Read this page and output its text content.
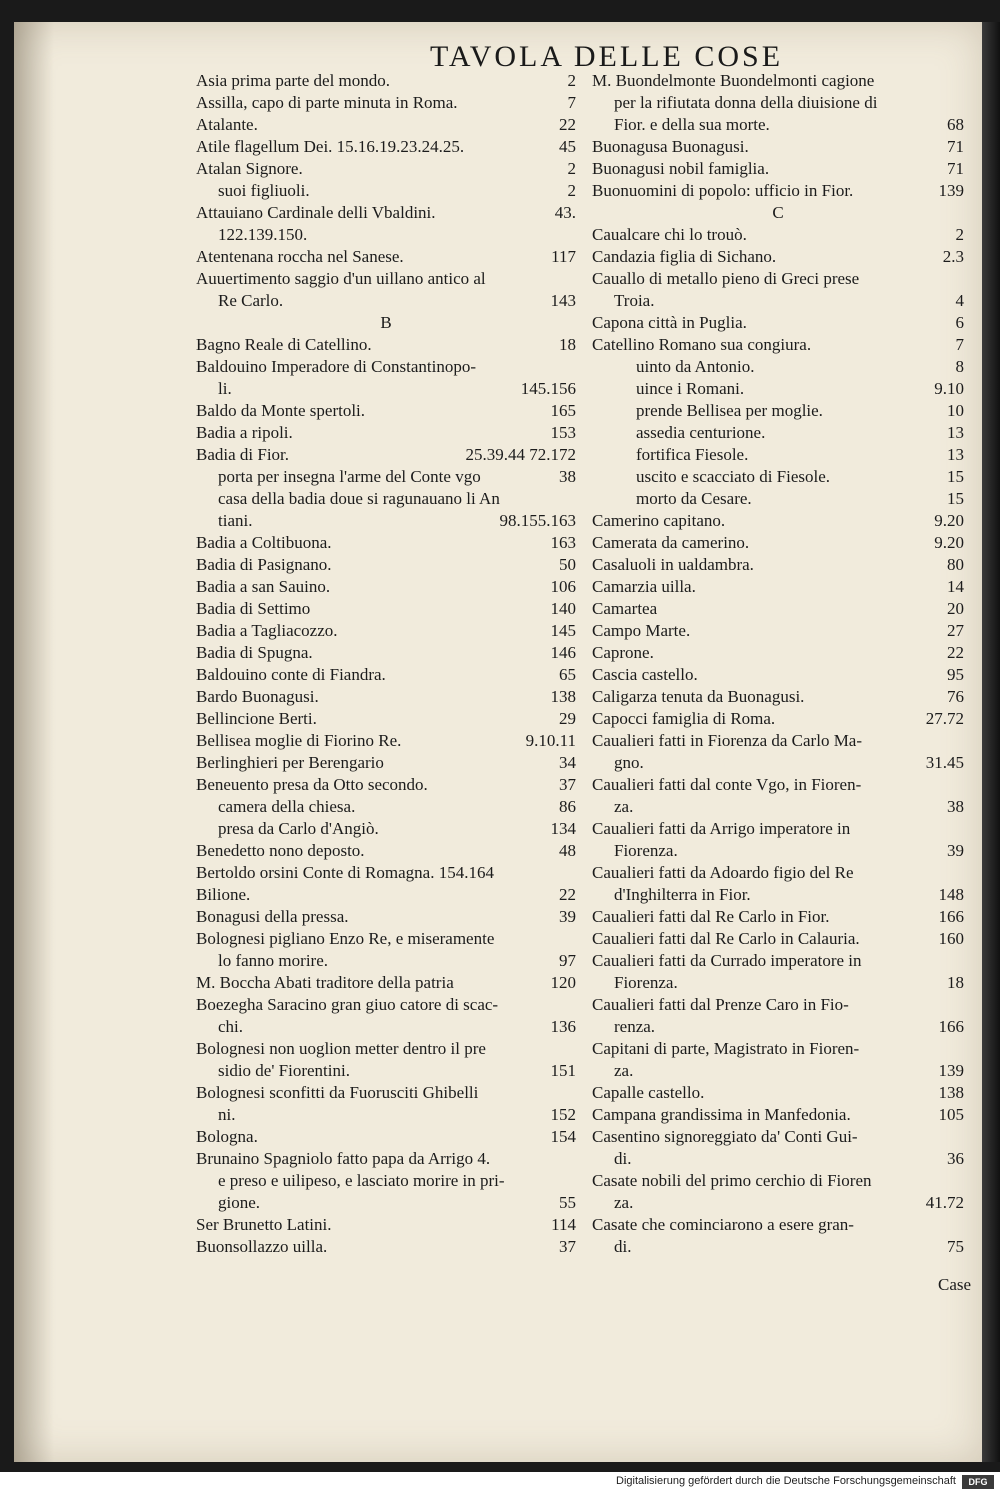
TAVOLA DELLE COSE
Asia prima parte del mondo.	2
Assilla, capo di parte minuta in Roma.	7
Atalante.	22
Atile flagellum Dei. 15.16.19.23.24.25.	45
Atalan Signore.	2
suoi figliuoli.	2
Attauiano Cardinale delli Vbaldini.	43.
122.139.150.
Atentenana roccha nel Sanese.	117
Auuertimento saggio d'un uillano antico al
Re Carlo.	143
B
Bagno Reale di Catellino.	18
Baldouino Imperadore di Constantinopo-
li.	145.156
Baldo da Monte spertoli.	165
Badia a ripoli.	153
Badia di Fior.	25.39.44 72.172
porta per insegna l'arme del Conte vgo	38
casa della badia doue si ragunauano li An
tiani.	98.155.163
Badia a Coltibuona.	163
Badia di Pasignano.	50
Badia a san Sauino.	106
Badia di Settimo	140
Badia a Tagliacozzo.	145
Badia di Spugna.	146
Baldouino conte di Fiandra.	65
Bardo Buonagusi.	138
Bellincione Berti.	29
Bellisea moglie di Fiorino Re.	9.10.11
Berlinghieri per Berengario	34
Beneuento presa da Otto secondo.	37
camera della chiesa.	86
presa da Carlo d'Angiò.	134
Benedetto nono deposto.	48
Bertoldo orsini Conte di Romagna. 154.164
Bilione.	22
Bonagusi della pressa.	39
Bolognesi pigliano Enzo Re, e miseramente
lo fanno morire.	97
M. Boccha Abati traditore della patria	120
Boezegha Saracino gran giuo catore di scac-
chi.	136
Bolognesi non uoglion metter dentro il pre
sidio de' Fiorentini.	151
Bolognesi sconfitti da Fuorusciti Ghibelli
ni.	152
Bologna.	154
Brunaino Spagniolo fatto papa da Arrigo 4.
e preso e uilipeso, e lasciato morire in pri-
gione.	55
Ser Brunetto Latini.	114
Buonsollazzo uilla.	37
M. Buondelmonte Buondelmonti cagione
per la rifiutata donna della diuisione di
Fior. e della sua morte.	68
Buonagusa Buonagusi.	71
Buonagusi nobil famiglia.	71
Buonuomini di popolo: ufficio in Fior.	139
C
Caualcare chi lo trouò.	2
Candazia figlia di Sichano.	2.3
Cauallo di metallo pieno di Greci prese
Troia.	4
Capona città in Puglia.	6
Catellino Romano sua congiura.	7
uinto da Antonio.	8
uince i Romani.	9.10
prende Bellisea per moglie.	10
assedia centurione.	13
fortifica Fiesole.	13
uscito e scacciato di Fiesole.	15
morto da Cesare.	15
Camerino capitano.	9.20
Camerata da camerino.	9.20
Casaluoli in ualdambra.	80
Camarzia uilla.	14
Camartea	20
Campo Marte.	27
Caprone.	22
Cascia castello.	95
Caligarza tenuta da Buonagusi.	76
Capocci famiglia di Roma.	27.72
Caualieri fatti in Fiorenza da Carlo Ma-
gno.	31.45
Caualieri fatti dal conte Vgo, in Fioren-
za.	38
Caualieri fatti da Arrigo imperatore in
Fiorenza.	39
Caualieri fatti da Adoardo figio del Re
d'Inghilterra in Fior.	148
Caualieri fatti dal Re Carlo in Fior.	166
Caualieri fatti dal Re Carlo in Calauria.	160
Caualieri fatti da Currado imperatore in
Fiorenza.	18
Caualieri fatti dal Prenze Caro in Fio-
renza.	166
Capitani di parte, Magistrato in Fioren-
za.	139
Capalle castello.	138
Campana grandissima in Manfedonia.	105
Casentino signoreggiato da' Conti Gui-
di.	36
Casate nobili del primo cerchio di Fioren
za.	41.72
Casate che cominciarono a esere gran-
di.	75
Case
Digitalisierung gefördert durch die Deutsche Forschungsgemeinschaft	DFG
